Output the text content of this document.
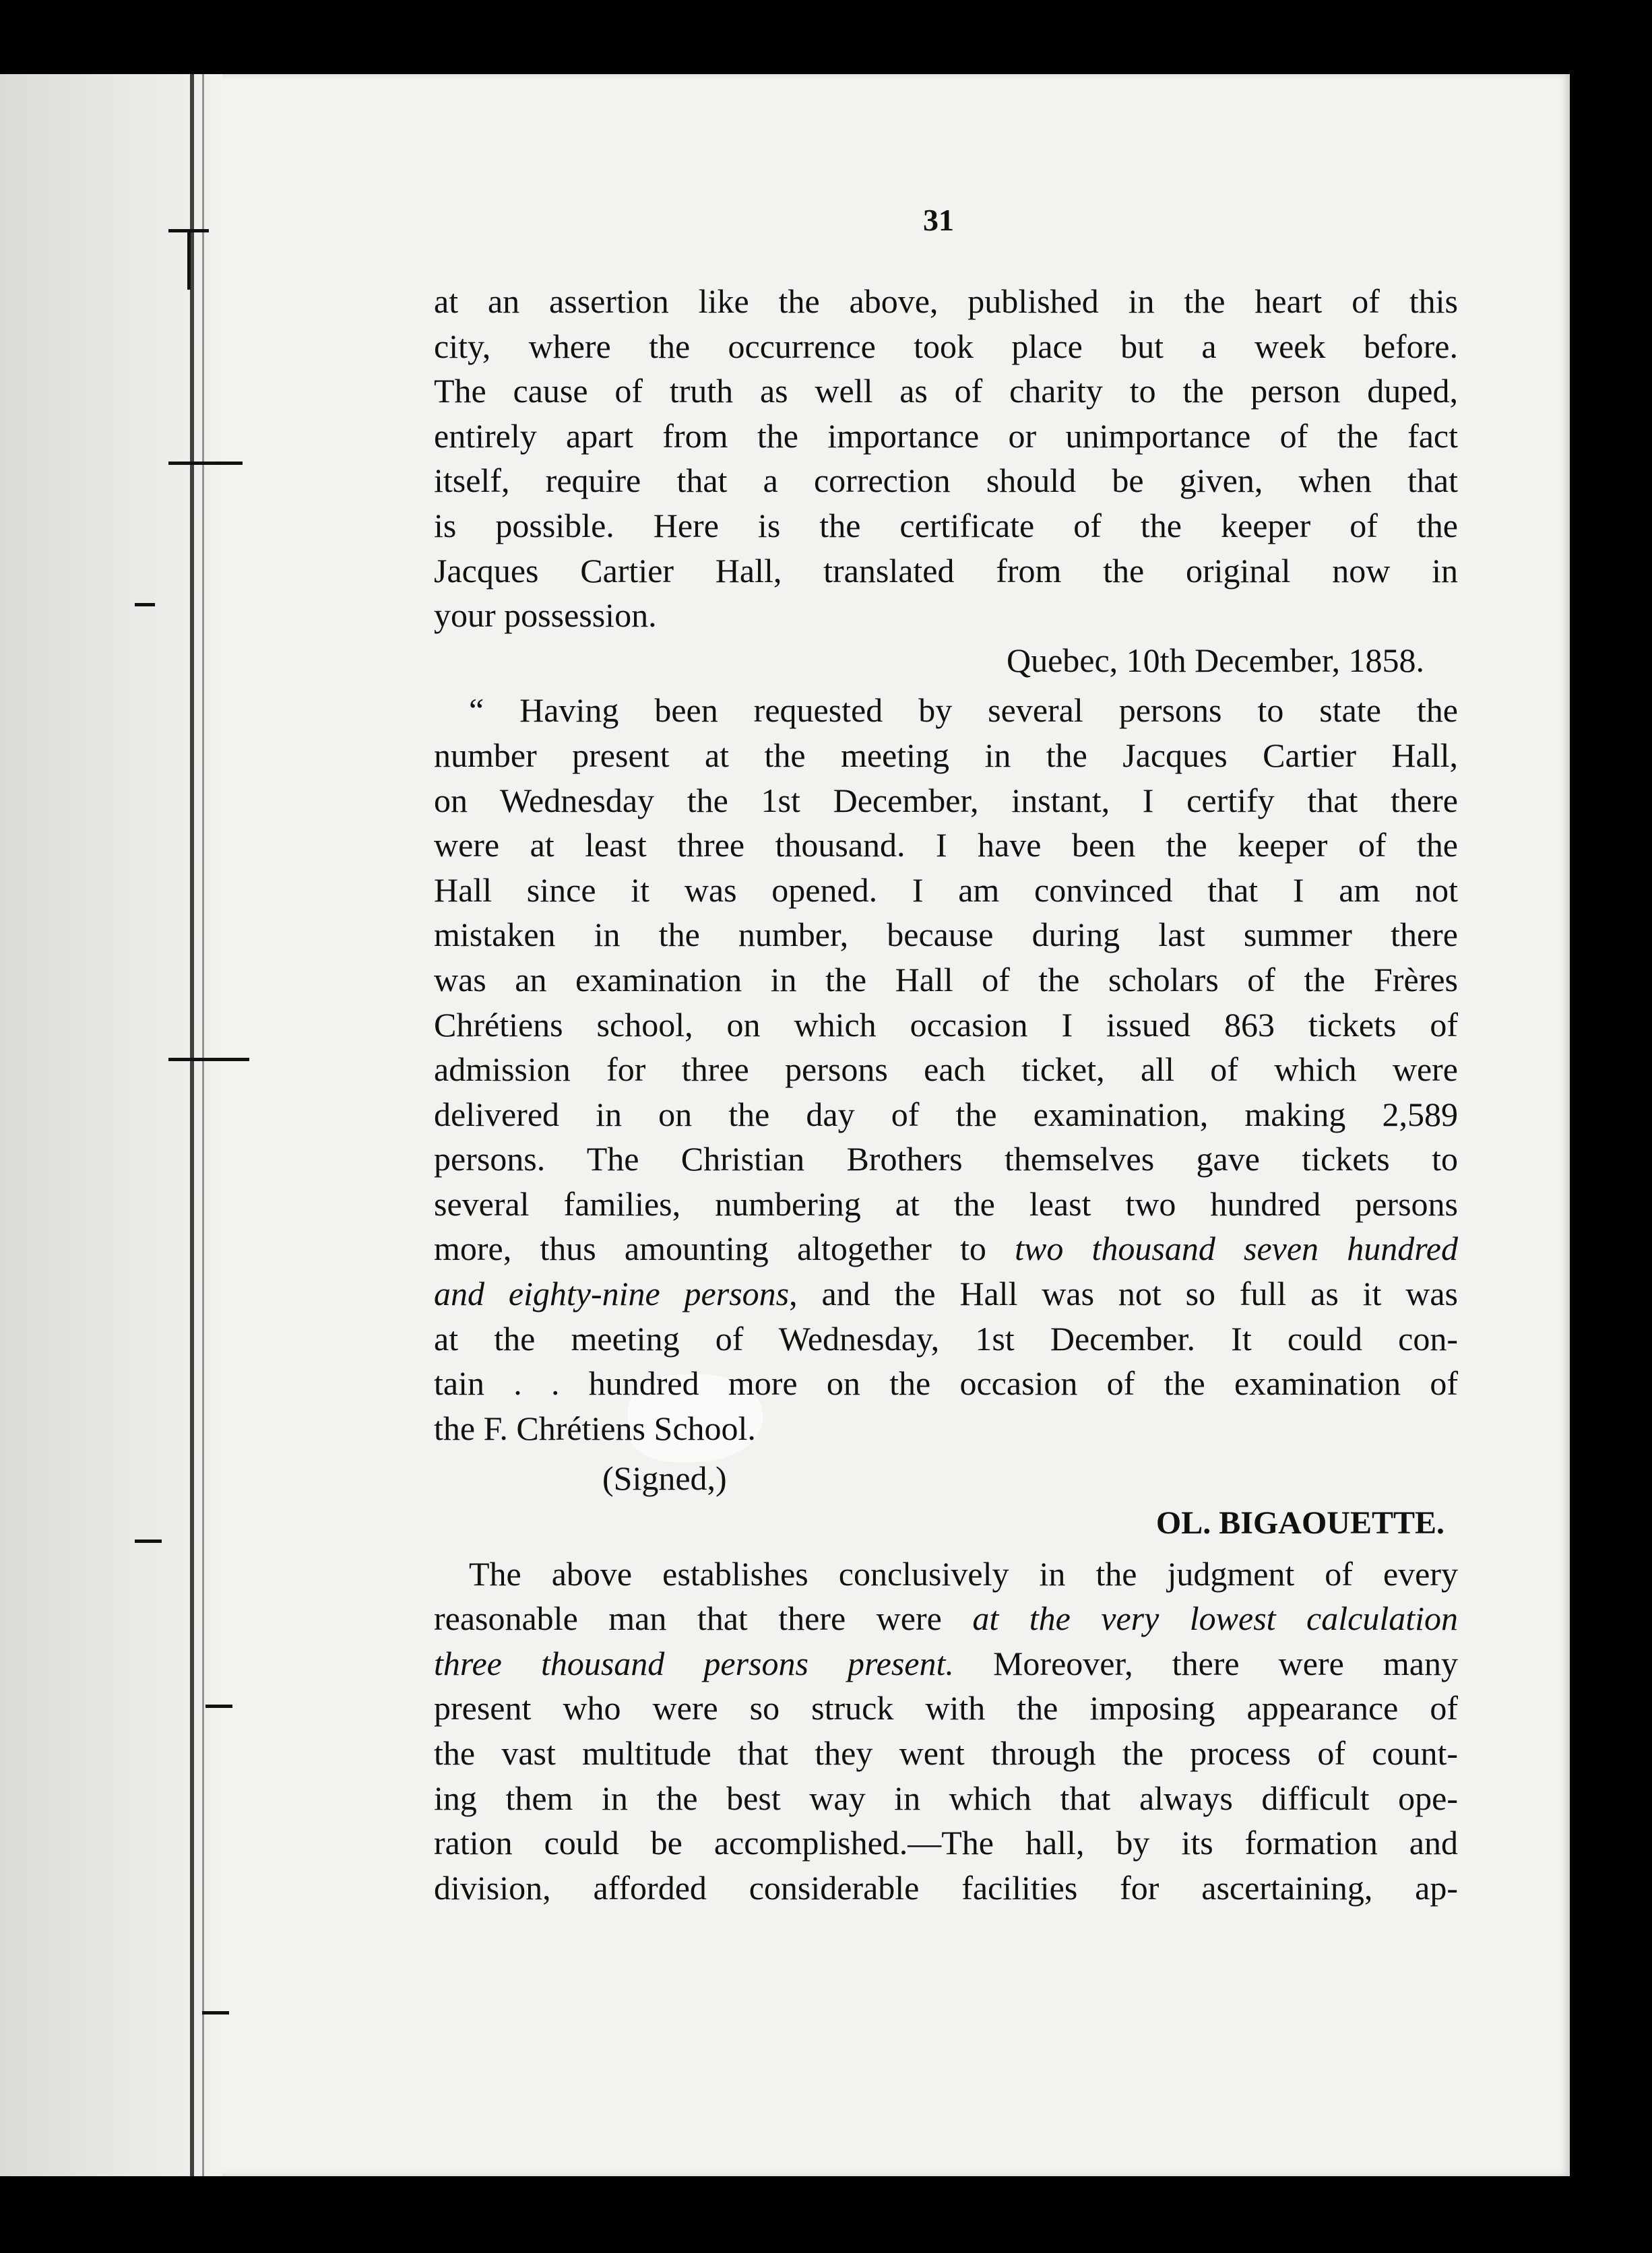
31
at an assertion like the above, published in the heart of this
city, where the occurrence took place but a week before.
The cause of truth as well as of charity to the person duped,
entirely apart from the importance or unimportance of the fact
itself, require that a correction should be given, when that
is possible. Here is the certificate of the keeper of the
Jacques Cartier Hall, translated from the original now in
your possession.
Quebec, 10th December, 1858.
“ Having been requested by several persons to state the
number present at the meeting in the Jacques Cartier Hall,
on Wednesday the 1st December, instant, I certify that there
were at least three thousand. I have been the keeper of the
Hall since it was opened. I am convinced that I am not
mistaken in the number, because during last summer there
was an examination in the Hall of the scholars of the Frères
Chrétiens school, on which occasion I issued 863 tickets of
admission for three persons each ticket, all of which were
delivered in on the day of the examination, making 2,589
persons. The Christian Brothers themselves gave tickets to
several families, numbering at the least two hundred persons
more, thus amounting altogether to two thousand seven hundred
and eighty-nine persons, and the Hall was not so full as it was
at the meeting of Wednesday, 1st December. It could con-
tain . . hundred more on the occasion of the examination of
the F. Chrétiens School.
(Signed,)
OL. BIGAOUETTE.
The above establishes conclusively in the judgment of every
reasonable man that there were at the very lowest calculation
three thousand persons present. Moreover, there were many
present who were so struck with the imposing appearance of
the vast multitude that they went through the process of count-
ing them in the best way in which that always difficult ope-
ration could be accomplished.—The hall, by its formation and
division, afforded considerable facilities for ascertaining, ap-
